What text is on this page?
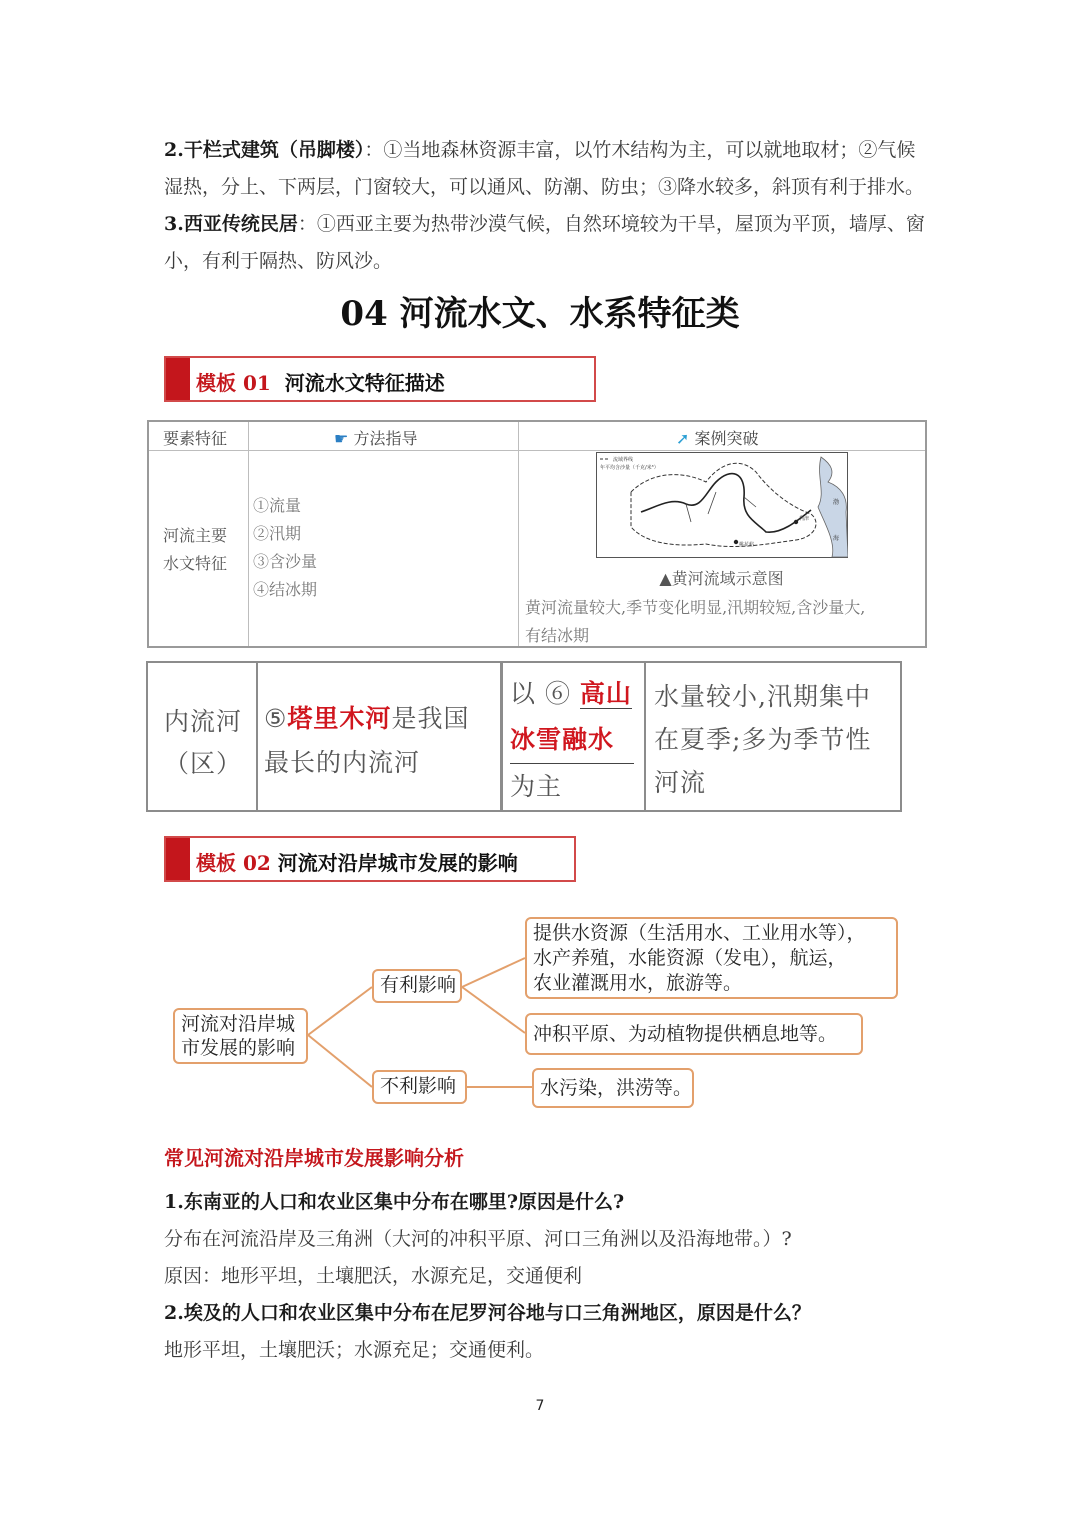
2.干栏式建筑（吊脚楼）：①当地森林资源丰富，以竹木结构为主，可以就地取材；②气候
湿热，分上、下两层，门窗较大，可以通风、防潮、防虫；③降水较多，斜顶有利于排水。
3.西亚传统民居：①西亚主要为热带沙漠气候，自然环境较为干旱，屋顶为平顶，墙厚、窗
小，有利于隔热、防风沙。
04 河流水文、水系特征类
模板 01 河流水文特征描述
要素特征	☛ 方法指导	➚ 案例突破
河流主要
水文特征
①流量
②汛期
③含沙量
④结冰期
流域界线
年平均含沙量（千克/米³）
桃花峪
利津
渤
海
▲黄河流域示意图
黄河流量较大,季节变化明显,汛期较短,含沙量大,
有结冰期
内流河
（区）
⑤塔里木河是我国
最长的内流河
以 ⑥ 高山
冰雪融水
为主
水量较小,汛期集中
在夏季;多为季节性
河流
模板 02 河流对沿岸城市发展的影响
河流对沿岸城
市发展的影响
有利影响
不利影响
提供水资源（生活用水、工业用水等），
水产养殖，水能资源（发电），航运，
农业灌溉用水，旅游等。
冲积平原、为动植物提供栖息地等。
水污染，洪涝等。
常见河流对沿岸城市发展影响分析
1.东南亚的人口和农业区集中分布在哪里?原因是什么?
分布在河流沿岸及三角洲（大河的冲积平原、河口三角洲以及沿海地带。）?
原因：地形平坦，土壤肥沃，水源充足，交通便利
2.埃及的人口和农业区集中分布在尼罗河谷地与口三角洲地区，原因是什么？
地形平坦，土壤肥沃；水源充足；交通便利。
7
